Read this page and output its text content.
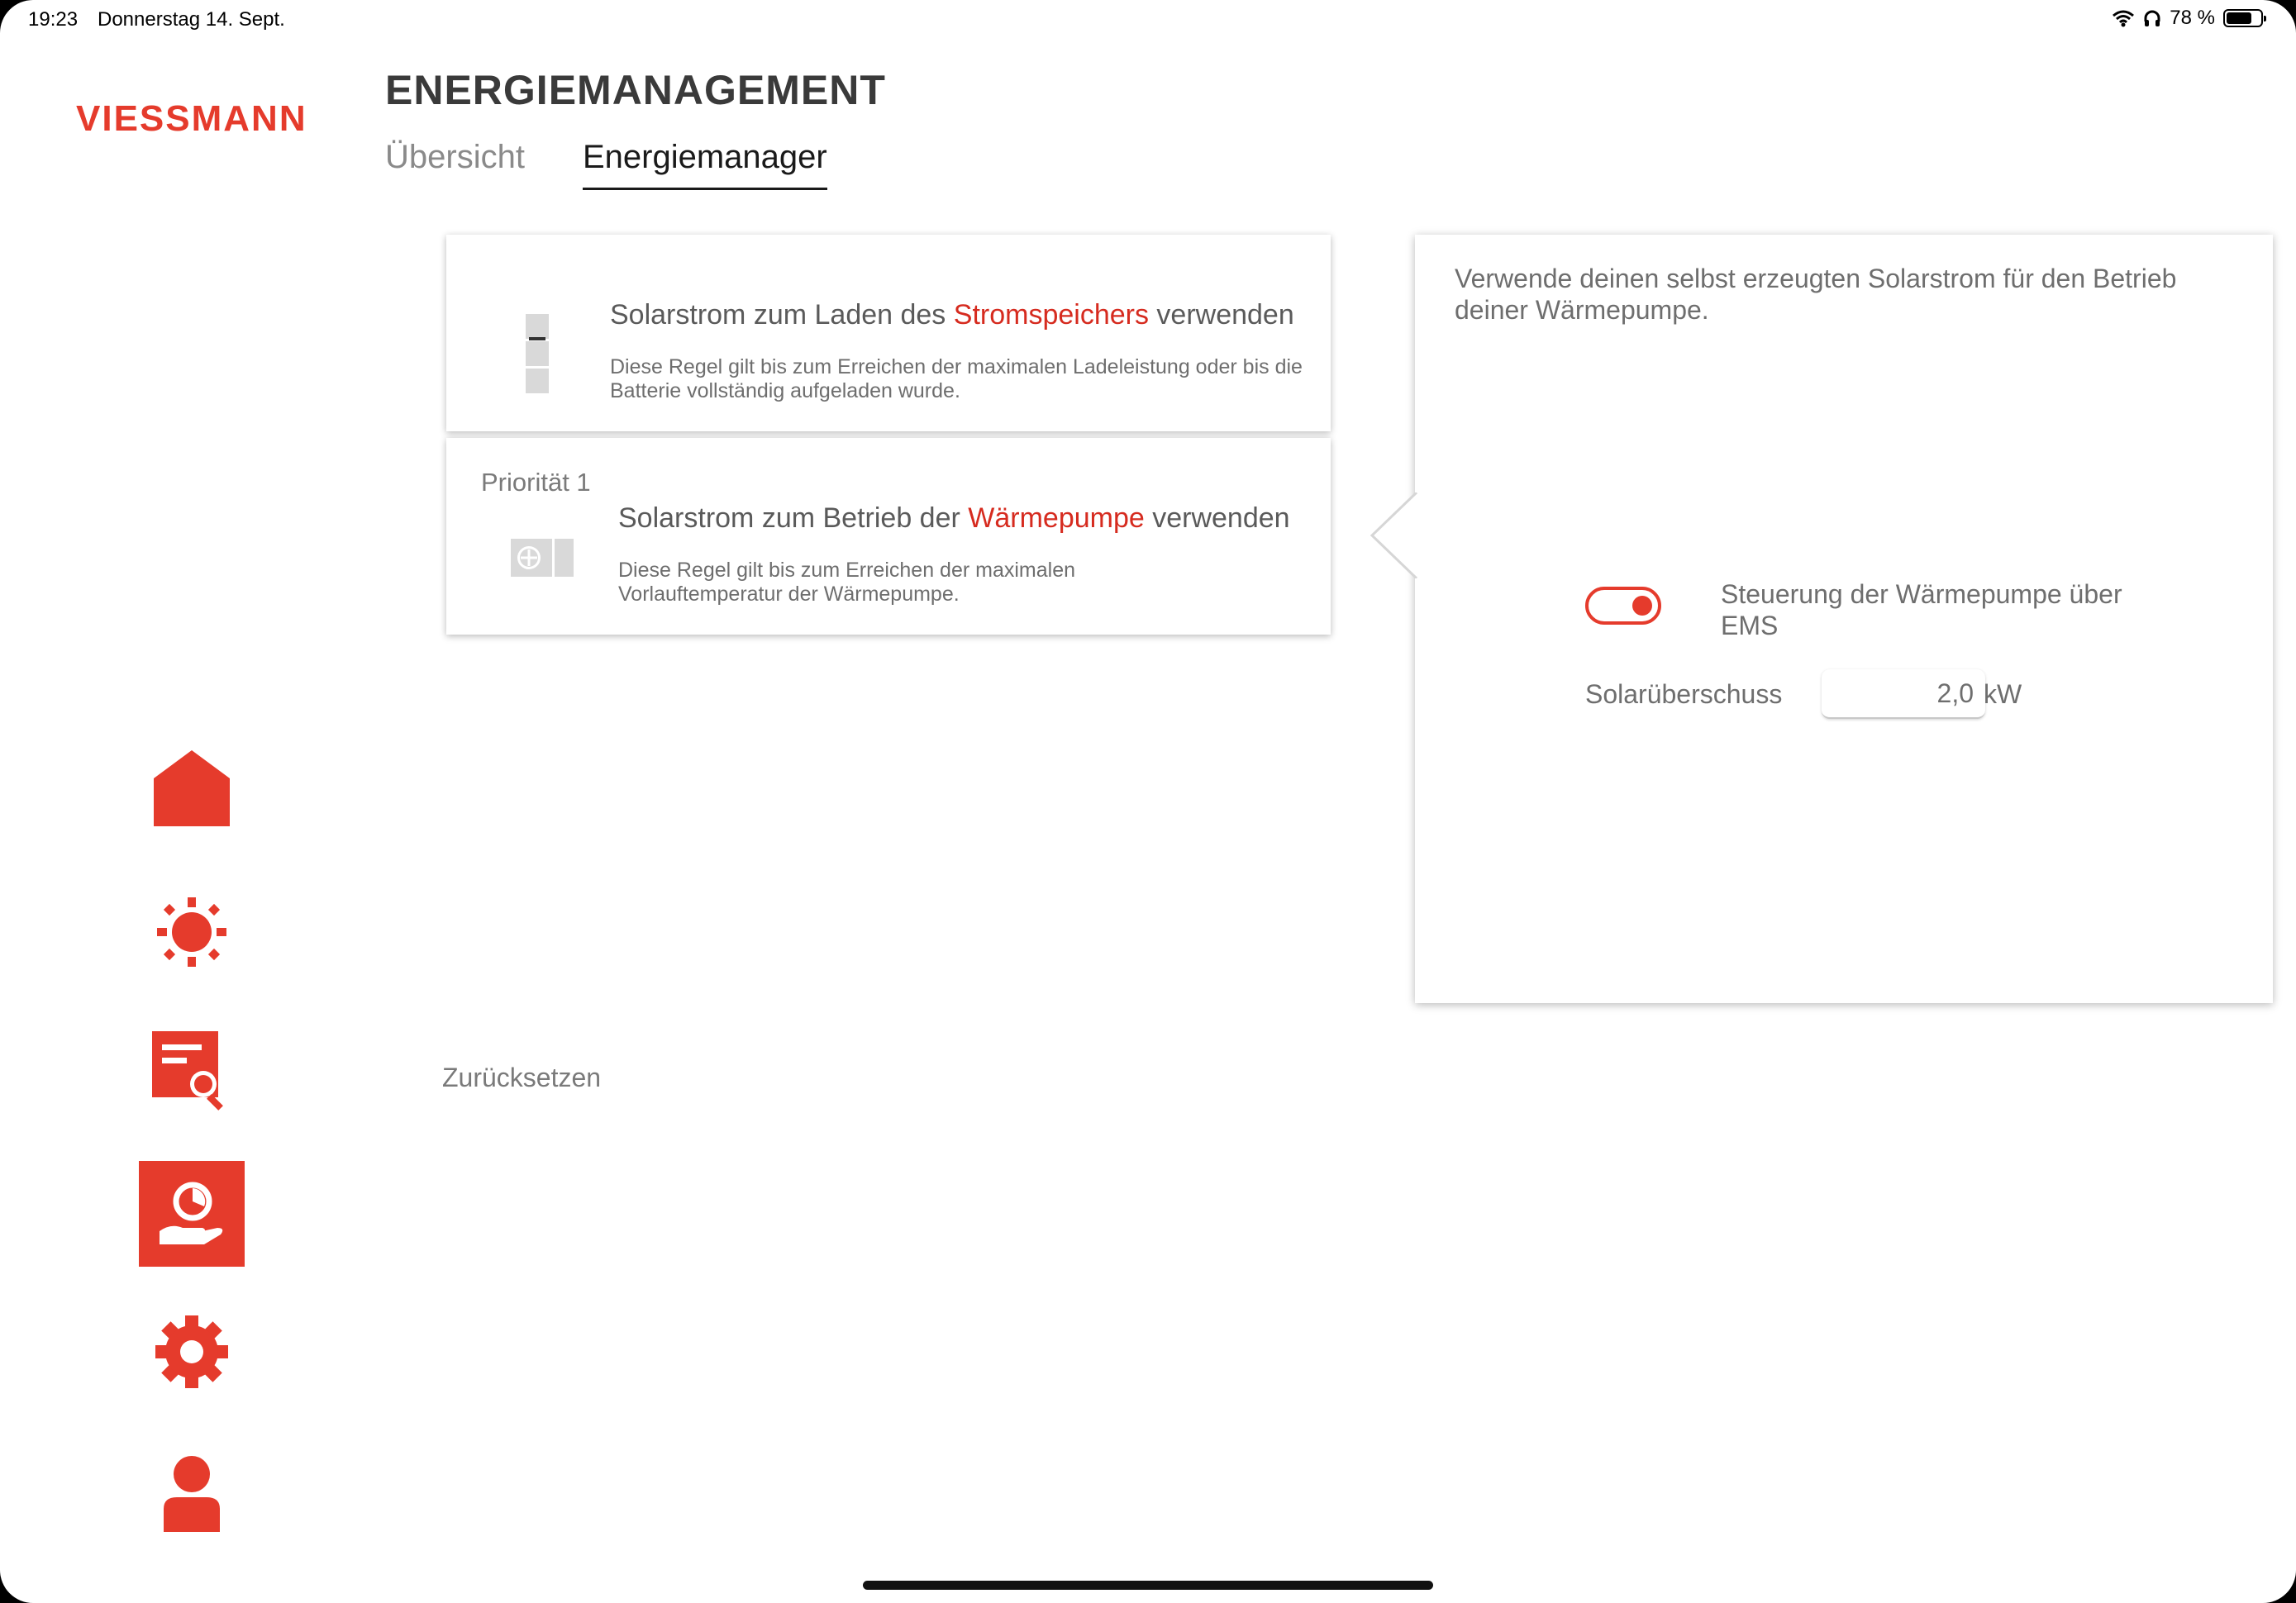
19:23 Donnerstag 14. Sept.	78 %
VIESSMANN
ENERGIEMANAGEMENT
Übersicht Energiemanager
Solarstrom zum Laden des Stromspeichers verwenden
Diese Regel gilt bis zum Erreichen der maximalen Ladeleistung oder bis die Batterie vollständig aufgeladen wurde.
Priorität 1
Solarstrom zum Betrieb der Wärmepumpe verwenden
Diese Regel gilt bis zum Erreichen der maximalen Vorlauftemperatur der Wärmepumpe.
Verwende deinen selbst erzeugten Solarstrom für den Betrieb deiner Wärmepumpe.
Steuerung der Wärmepumpe über EMS
Solarüberschuss
2,0	kW
Zurücksetzen
